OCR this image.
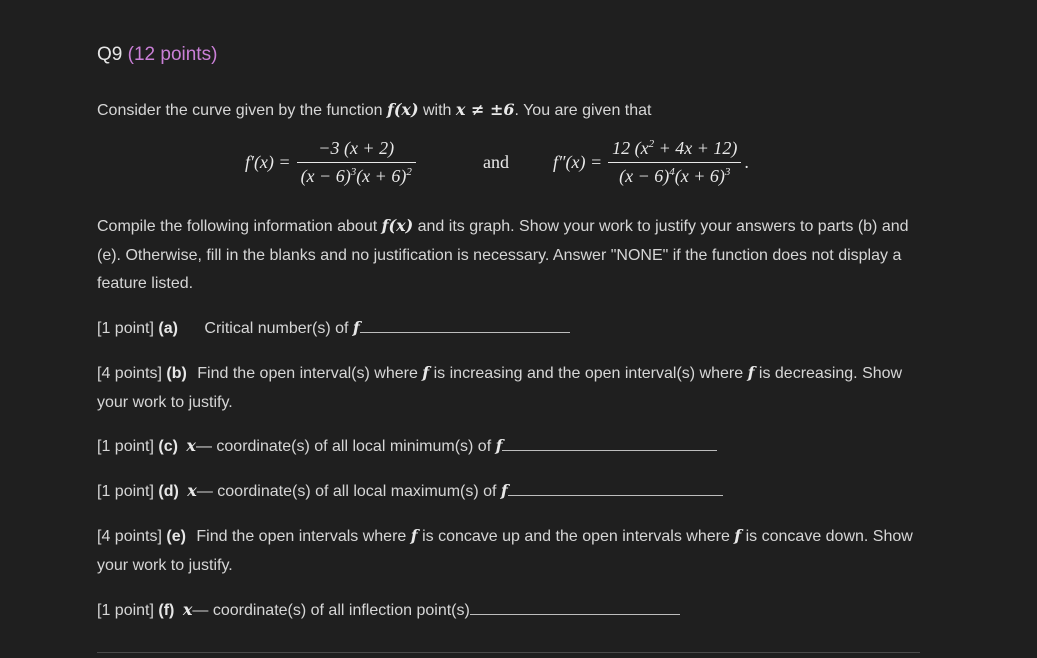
Q9 (12 points)
Consider the curve given by the function f(x) with x ≠ ±6. You are given that
$f'(x) = \frac{-3 (x + 2)}{(x - 6)^3(x + 6)^2}$	and $f''(x) = \frac{12 (x^2 + 4x + 12)}{(x - 6)^4(x + 6)^3}$ .
Compile the following information about f(x) and its graph. Show your work to justify your answers to parts (b) and (e). Otherwise, fill in the blanks and no justification is necessary. Answer "NONE" if the function does not display a feature listed.
[1 point] (a) Critical number(s) of f
[4 points] (b) Find the open interval(s) where f is increasing and the open interval(s) where f is decreasing. Show your work to justify.
[1 point] (c) x— coordinate(s) of all local minimum(s) of f
[1 point] (d) x— coordinate(s) of all local maximum(s) of f
[4 points] (e) Find the open intervals where f is concave up and the open intervals where f is concave down. Show your work to justify.
[1 point] (f) x— coordinate(s) of all inflection point(s)
